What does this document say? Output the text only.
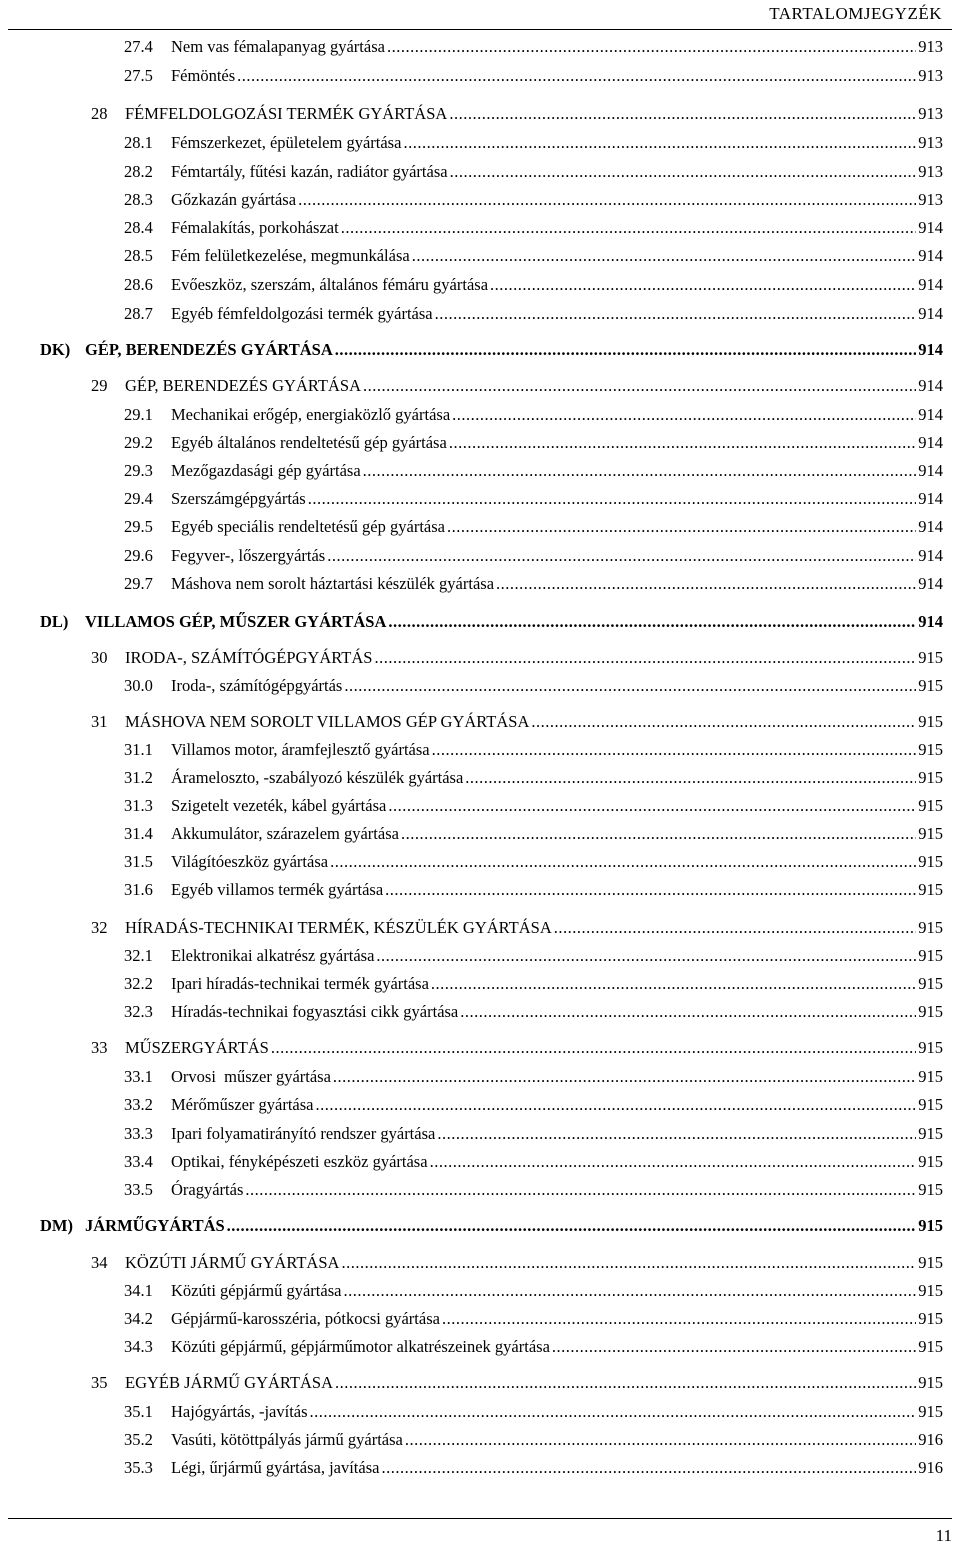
TARTALOMJEGYZÉK
27.4	Nem vas fémalapanyag gyártása .....	913
27.5	Fémöntés .....	913
28	FÉMFELDOLGOZÁSI TERMÉK GYÁRTÁSA .....	913
28.1	Fémszerkezet, épületelem gyártása .....	913
28.2	Fémtartály, fűtési kazán, radiátor gyártása .....	913
28.3	Gőzkazán gyártása .....	913
28.4	Fémalakítás, porkohászat .....	914
28.5	Fém felületkezelése, megmunkálása .....	914
28.6	Evőeszköz, szerszám, általános fémáru gyártása .....	914
28.7	Egyéb fémfeldolgozási termék gyártása .....	914
DK) GÉP, BERENDEZÉS GYÁRTÁSA .....	914
29	GÉP, BERENDEZÉS GYÁRTÁSA .....	914
29.1	Mechanikai erőgép, energiaközlő gyártása .....	914
29.2	Egyéb általános rendeltetésű gép gyártása .....	914
29.3	Mezőgazdasági gép gyártása .....	914
29.4	Szerszámgépgyártás .....	914
29.5	Egyéb speciális rendeltetésű gép gyártása .....	914
29.6	Fegyver-, lőszergyártás .....	914
29.7	Máshova nem sorolt háztartási készülék gyártása .....	914
DL)	VILLAMOS GÉP, MŰSZER GYÁRTÁSA .....	914
30	IRODA-, SZÁMÍTÓGÉPGYÁRTÁS .....	915
30.0	Iroda-, számítógépgyártás .....	915
31	MÁSHOVA NEM SOROLT VILLAMOS GÉP GYÁRTÁSA .....	915
31.1	Villamos motor, áramfejlesztő gyártása .....	915
31.2	Árameloszto, -szabályozó készülék gyártása .....	915
31.3	Szigetelt vezeték, kábel gyártása .....	915
31.4	Akkumulátor, szárazelem gyártása .....	915
31.5	Világítóeszköz gyártása .....	915
31.6	Egyéb villamos termék gyártása .....	915
32	HÍRADÁS-TECHNIKAI TERMÉK, KÉSZÜLÉK GYÁRTÁSA .....	915
32.1	Elektronikai alkatrész gyártása .....	915
32.2	Ipari híradás-technikai termék gyártása .....	915
32.3	Híradás-technikai fogyasztási cikk gyártása .....	915
33	MŰSZERGYÁRTÁS .....	915
33.1	Orvosi  műszer gyártása .....	915
33.2	Mérőműszer gyártása .....	915
33.3	Ipari folyamatirányító rendszer gyártása .....	915
33.4	Optikai, fényképészeti eszköz gyártása .....	915
33.5	Óragyártás .....	915
DM) JÁRMŰGYÁRTÁS .....	915
34	KÖZÚTI JÁRMŰ GYÁRTÁSA .....	915
34.1	Közúti gépjármű gyártása .....	915
34.2	Gépjármű-karosszéria, pótkocsi gyártása .....	915
34.3	Közúti gépjármű, gépjárműmotor alkatrészeinek gyártása .....	915
35	EGYÉB JÁRMŰ GYÁRTÁSA .....	915
35.1	Hajógyártás, -javítás .....	915
35.2	Vasúti, kötöttpályás jármű gyártása .....	916
35.3	Légi, űrjármű gyártása, javítása .....	916
11
